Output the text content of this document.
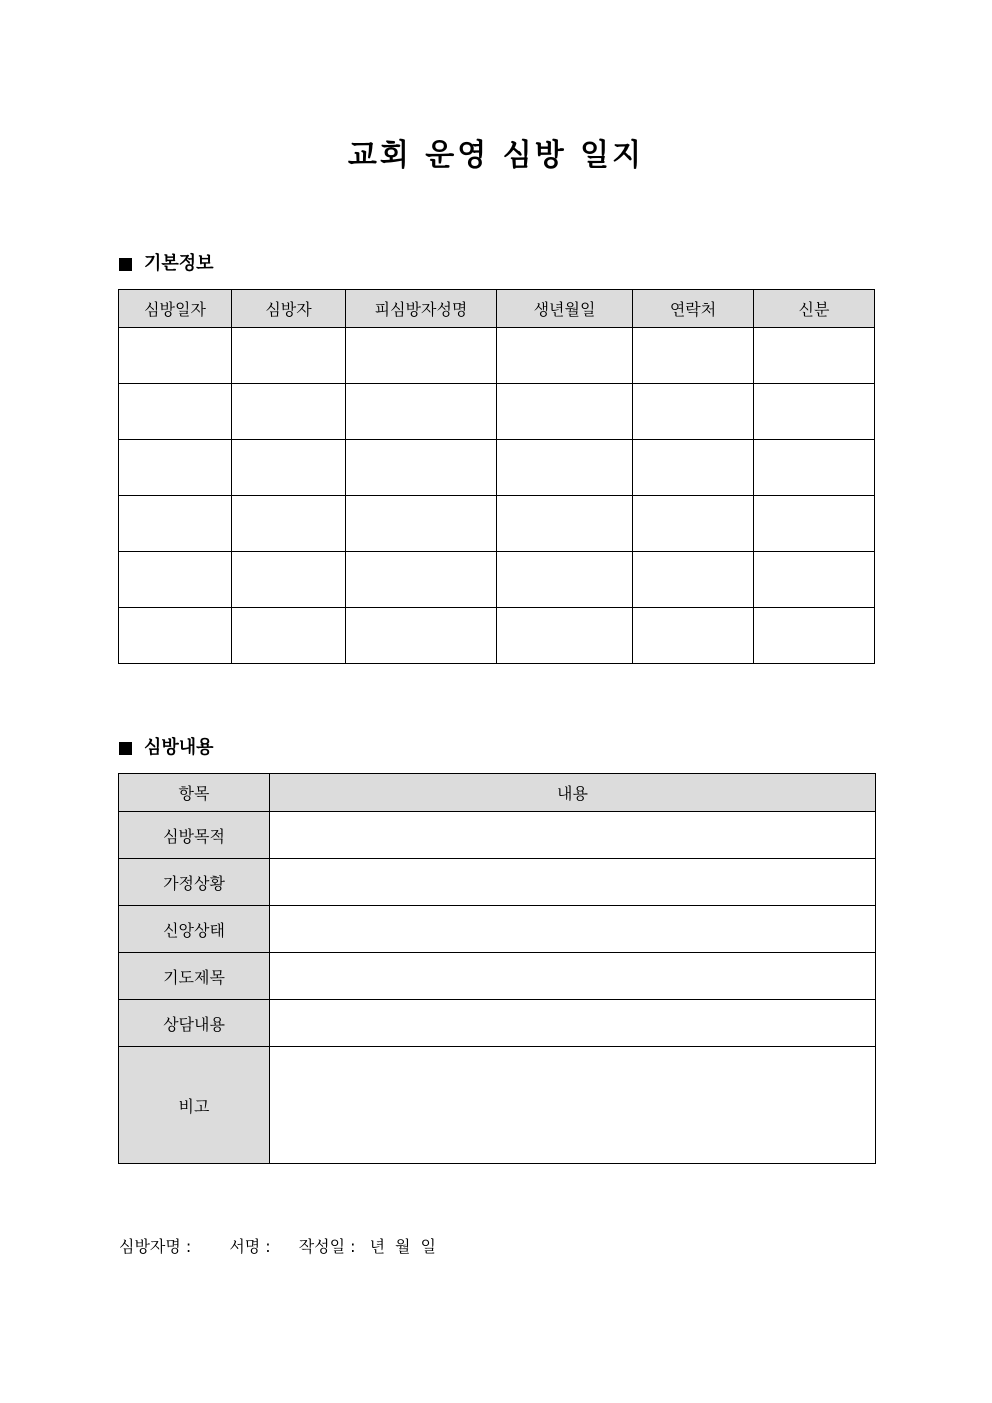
교회 운영 심방 일지
기본정보
심방일자	심방자	피심방자성명	생년월일	연락처	신분

심방내용
항목	내용
심방목적	
가정상황	
신앙상태	
기도제목	
상담내용	
비고	
심방자명 : 서명 : 작성일 : 년 월 일
